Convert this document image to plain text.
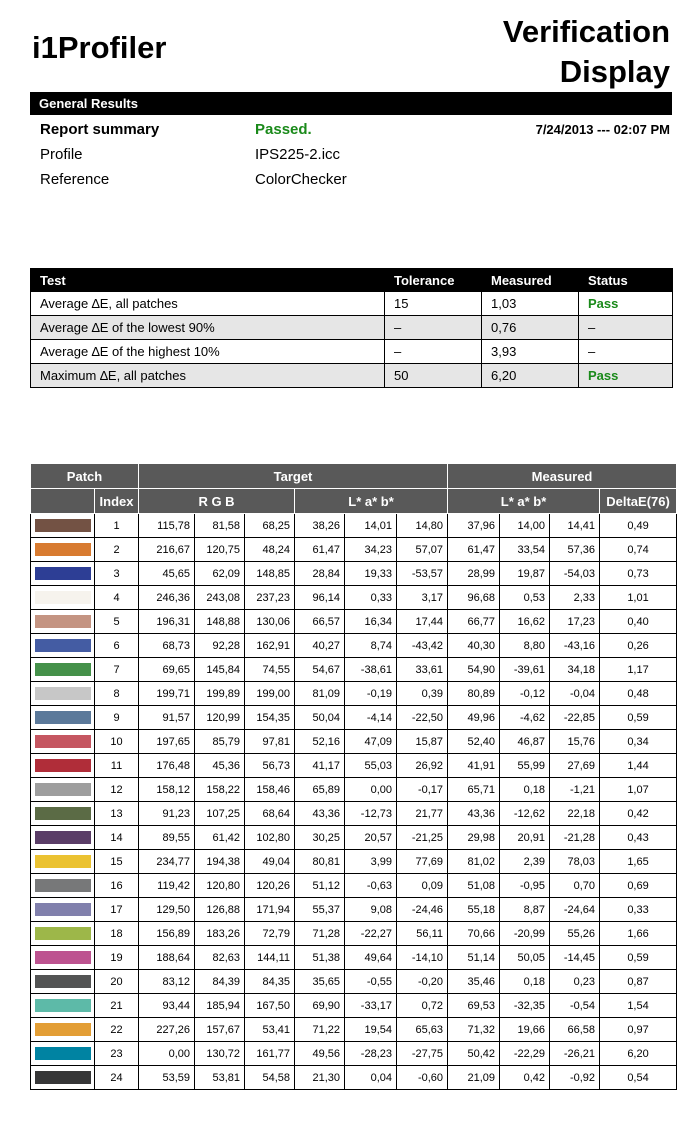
i1Profiler	Verification
Display
General Results
Report summary	Passed.	7/24/2013 --- 02:07 PM
Profile	IPS225-2.icc
Reference	ColorChecker
Test	Tolerance	Measured	Status
Average ∆E, all patches	15	1,03	Pass
Average ∆E of the lowest 90%	–	0,76	–
Average ∆E of the highest 10%	–	3,93	–
Maximum ∆E, all patches	50	6,20	Pass
Patch		Target						Measured			
	Index	R G B			L* a* b*			L* a* b*			DeltaE(76)
	1	115,78	81,58	68,25	38,26	14,01	14,80	37,96	14,00	14,41	0,49
	2	216,67	120,75	48,24	61,47	34,23	57,07	61,47	33,54	57,36	0,74
	3	45,65	62,09	148,85	28,84	19,33	-53,57	28,99	19,87	-54,03	0,73
	4	246,36	243,08	237,23	96,14	0,33	3,17	96,68	0,53	2,33	1,01
	5	196,31	148,88	130,06	66,57	16,34	17,44	66,77	16,62	17,23	0,40
	6	68,73	92,28	162,91	40,27	8,74	-43,42	40,30	8,80	-43,16	0,26
	7	69,65	145,84	74,55	54,67	-38,61	33,61	54,90	-39,61	34,18	1,17
	8	199,71	199,89	199,00	81,09	-0,19	0,39	80,89	-0,12	-0,04	0,48
	9	91,57	120,99	154,35	50,04	-4,14	-22,50	49,96	-4,62	-22,85	0,59
	10	197,65	85,79	97,81	52,16	47,09	15,87	52,40	46,87	15,76	0,34
	11	176,48	45,36	56,73	41,17	55,03	26,92	41,91	55,99	27,69	1,44
	12	158,12	158,22	158,46	65,89	0,00	-0,17	65,71	0,18	-1,21	1,07
	13	91,23	107,25	68,64	43,36	-12,73	21,77	43,36	-12,62	22,18	0,42
	14	89,55	61,42	102,80	30,25	20,57	-21,25	29,98	20,91	-21,28	0,43
	15	234,77	194,38	49,04	80,81	3,99	77,69	81,02	2,39	78,03	1,65
	16	119,42	120,80	120,26	51,12	-0,63	0,09	51,08	-0,95	0,70	0,69
	17	129,50	126,88	171,94	55,37	9,08	-24,46	55,18	8,87	-24,64	0,33
	18	156,89	183,26	72,79	71,28	-22,27	56,11	70,66	-20,99	55,26	1,66
	19	188,64	82,63	144,11	51,38	49,64	-14,10	51,14	50,05	-14,45	0,59
	20	83,12	84,39	84,35	35,65	-0,55	-0,20	35,46	0,18	0,23	0,87
	21	93,44	185,94	167,50	69,90	-33,17	0,72	69,53	-32,35	-0,54	1,54
	22	227,26	157,67	53,41	71,22	19,54	65,63	71,32	19,66	66,58	0,97
	23	0,00	130,72	161,77	49,56	-28,23	-27,75	50,42	-22,29	-26,21	6,20
	24	53,59	53,81	54,58	21,30	0,04	-0,60	21,09	0,42	-0,92	0,54
